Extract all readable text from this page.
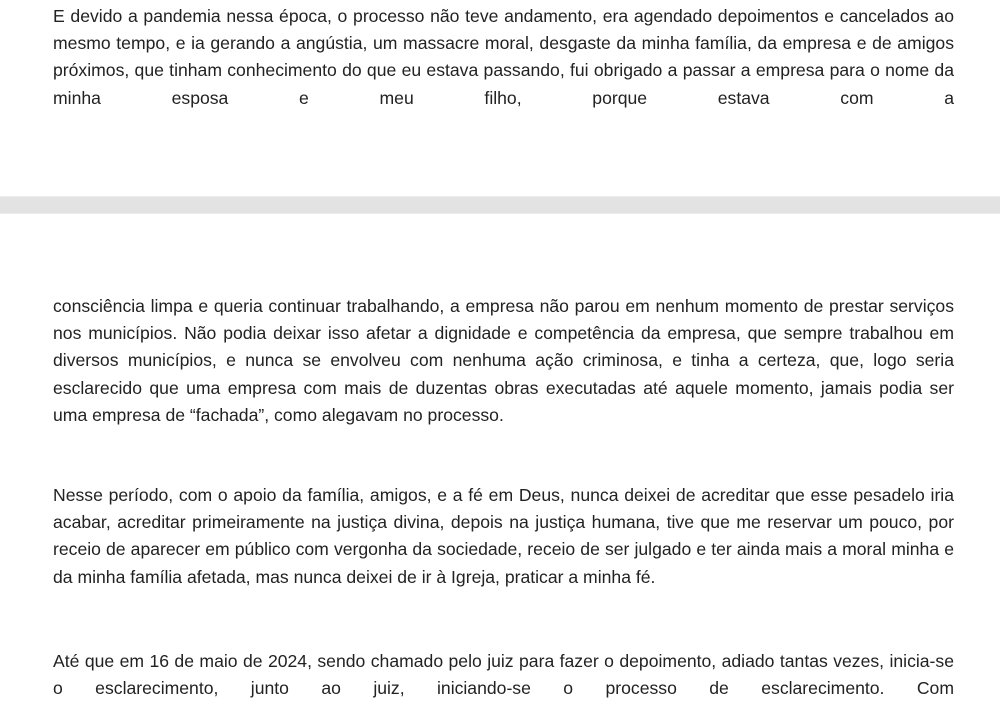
E devido a pandemia nessa época, o processo não teve andamento, era agendado depoimentos e cancelados ao mesmo tempo, e ia gerando a angústia, um massacre moral, desgaste da minha família, da empresa e de amigos próximos, que tinham conhecimento do que eu estava passando, fui obrigado a passar a empresa para o nome da minha esposa e meu filho, porque estava com a

consciência limpa e queria continuar trabalhando, a empresa não parou em nenhum momento de prestar serviços nos municípios. Não podia deixar isso afetar a dignidade e competência da empresa, que sempre trabalhou em diversos municípios, e nunca se envolveu com nenhuma ação criminosa, e tinha a certeza, que, logo seria esclarecido que uma empresa com mais de duzentas obras executadas até aquele momento, jamais podia ser uma empresa de “fachada”, como alegavam no processo.

Nesse período, com o apoio da família, amigos, e a fé em Deus, nunca deixei de acreditar que esse pesadelo iria acabar, acreditar primeiramente na justiça divina, depois na justiça humana, tive que me reservar um pouco, por receio de aparecer em público com vergonha da sociedade, receio de ser julgado e ter ainda mais a moral minha e da minha família afetada, mas nunca deixei de ir à Igreja, praticar a minha fé.

Até que em 16 de maio de 2024, sendo chamado pelo juiz para fazer o depoimento, adiado tantas vezes, inicia-se o esclarecimento, junto ao juiz, iniciando-se o processo de esclarecimento. Com
